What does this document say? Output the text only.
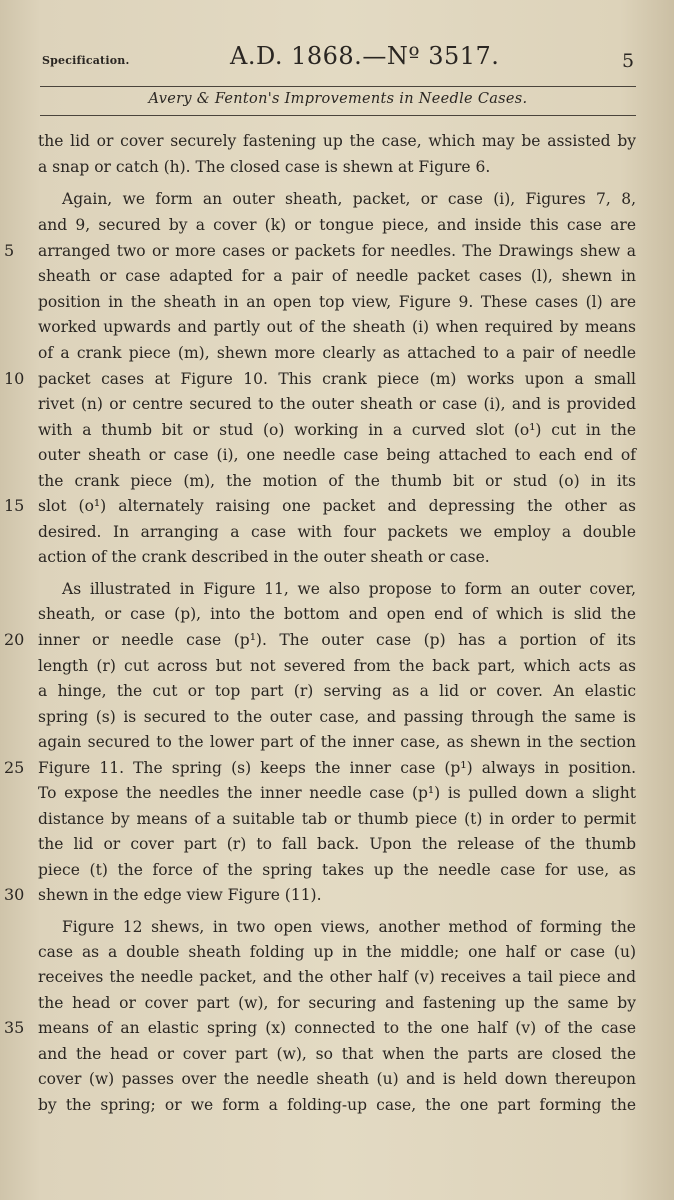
Specification.	A.D. 1868.—Nº 3517.	5
Avery & Fenton's Improvements in Needle Cases.
5
10
15
20
25
30
35
the lid or cover securely fastening up the case, which may be assisted by
a snap or catch (h). The closed case is shewn at Figure 6.
Again, we form an outer sheath, packet, or case (i), Figures 7, 8,
and 9, secured by a cover (k) or tongue piece, and inside this case are
arranged two or more cases or packets for needles. The Drawings shew a
sheath or case adapted for a pair of needle packet cases (l), shewn in
position in the sheath in an open top view, Figure 9. These cases (l) are
worked upwards and partly out of the sheath (i) when required by means
of a crank piece (m), shewn more clearly as attached to a pair of needle
packet cases at Figure 10. This crank piece (m) works upon a small
rivet (n) or centre secured to the outer sheath or case (i), and is provided
with a thumb bit or stud (o) working in a curved slot (o¹) cut in the
outer sheath or case (i), one needle case being attached to each end of
the crank piece (m), the motion of the thumb bit or stud (o) in its
slot (o¹) alternately raising one packet and depressing the other as
desired. In arranging a case with four packets we employ a double
action of the crank described in the outer sheath or case.
As illustrated in Figure 11, we also propose to form an outer cover,
sheath, or case (p), into the bottom and open end of which is slid the
inner or needle case (p¹). The outer case (p) has a portion of its
length (r) cut across but not severed from the back part, which acts as
a hinge, the cut or top part (r) serving as a lid or cover. An elastic
spring (s) is secured to the outer case, and passing through the same is
again secured to the lower part of the inner case, as shewn in the section
Figure 11. The spring (s) keeps the inner case (p¹) always in position.
To expose the needles the inner needle case (p¹) is pulled down a slight
distance by means of a suitable tab or thumb piece (t) in order to permit
the lid or cover part (r) to fall back. Upon the release of the thumb
piece (t) the force of the spring takes up the needle case for use, as
shewn in the edge view Figure (11).
Figure 12 shews, in two open views, another method of forming the
case as a double sheath folding up in the middle; one half or case (u)
receives the needle packet, and the other half (v) receives a tail piece and
the head or cover part (w), for securing and fastening up the same by
means of an elastic spring (x) connected to the one half (v) of the case
and the head or cover part (w), so that when the parts are closed the
cover (w) passes over the needle sheath (u) and is held down thereupon
by the spring; or we form a folding-up case, the one part forming the
